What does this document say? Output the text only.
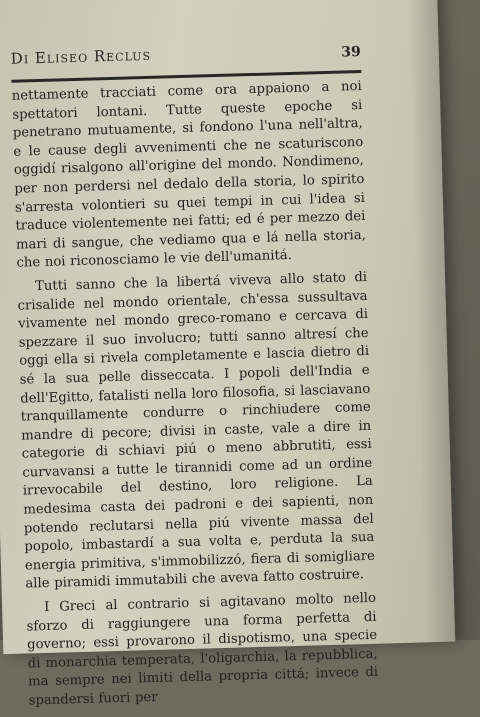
Di Eliseo Reclus	39

nettamente tracciati come ora appaiono a noi spettatori lontani. Tutte queste epoche si penetrano mutuamente, si fondono l'una nell'altra, e le cause degli avvenimenti che ne scaturiscono oggidí risalgono all'origine del mondo. Nondimeno, per non perdersi nel dedalo della storia, lo spirito s'arresta volontieri su quei tempi in cui l'idea si traduce violentemente nei fatti; ed é per mezzo dei mari di sangue, che vediamo qua e lá nella storia, che noi riconosciamo le vie dell'umanitá.

Tutti sanno che la libertá viveva allo stato di crisalide nel mondo orientale, ch'essa sussultava vivamente nel mondo greco-romano e cercava di spezzare il suo involucro; tutti sanno altresí che oggi ella si rivela completamente e lascia dietro di sé la sua pelle disseccata. I popoli dell'India e dell'Egitto, fatalisti nella loro filosofia, si lasciavano tranquillamente condurre o rinchiudere come mandre di pecore; divisi in caste, vale a dire in categorie di schiavi piú o meno abbrutiti, essi curvavansi a tutte le tirannidi come ad un ordine irrevocabile del destino, loro religione. La medesima casta dei padroni e dei sapienti, non potendo reclutarsi nella piú vivente massa del popolo, imbastardí a sua volta e, perduta la sua energia primitiva, s'immobilizzó, fiera di somigliare alle piramidi immutabili che aveva fatto costruire.

I Greci al contrario si agitavano molto nello sforzo di raggiungere una forma perfetta di governo; essi provarono il dispotismo, una specie di monarchia temperata, l'oligarchia, la repubblica, ma sempre nei limiti della propria cittá; invece di spandersi fuori per
